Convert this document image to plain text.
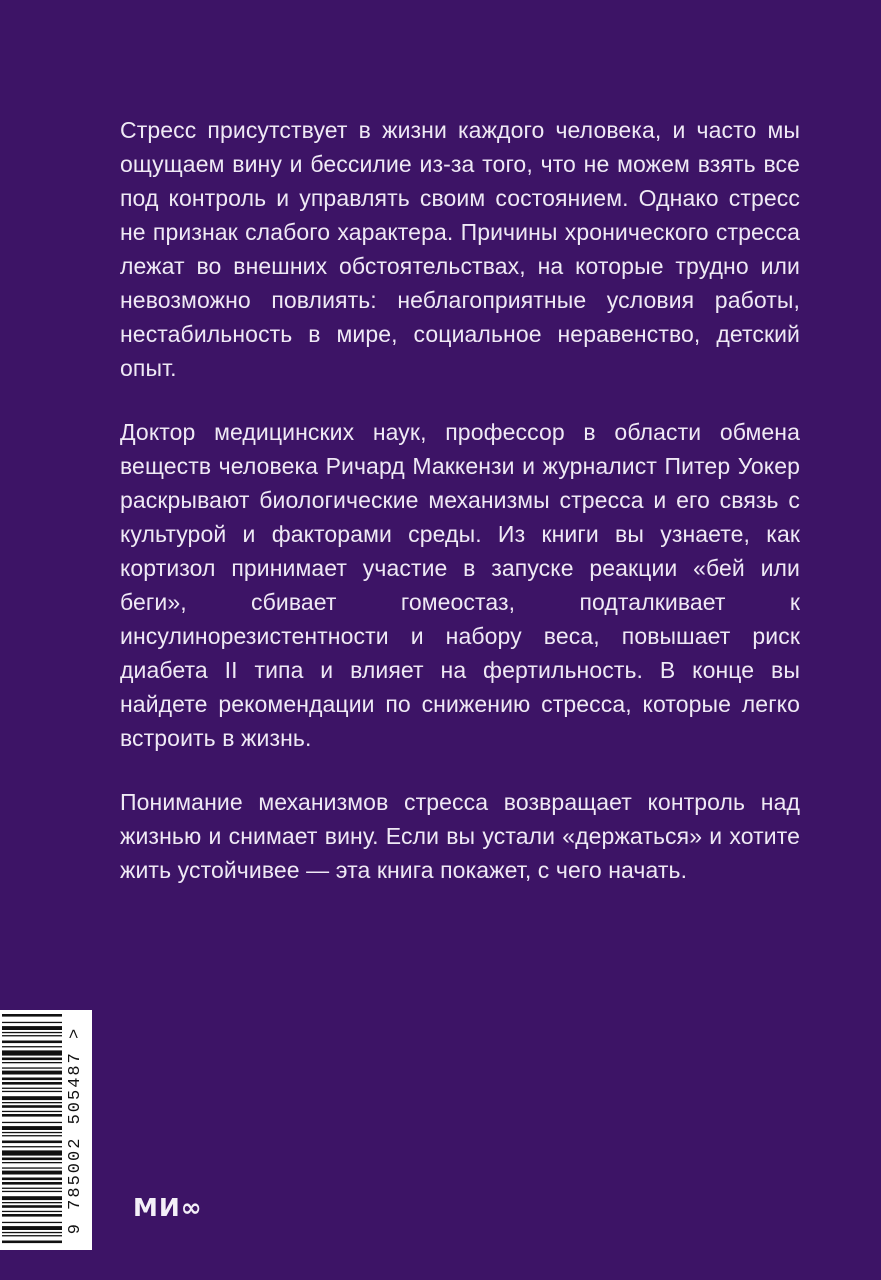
Стресс присутствует в жизни каждого человека, и часто мы ощущаем вину и бессилие из-за того, что не можем взять все под контроль и управлять своим состоянием. Однако стресс не признак слабого характера. Причины хронического стресса лежат во внешних обстоятельствах, на которые трудно или невозможно повлиять: неблагоприятные условия работы, нестабильность в мире, социальное неравенство, детский опыт.

Доктор медицинских наук, профессор в области обмена веществ человека Ричард Маккензи и журналист Питер Уокер раскрывают биологические механизмы стресса и его связь с культурой и факторами среды. Из книги вы узнаете, как кортизол принимает участие в запуске реакции «бей или беги», сбивает гомеостаз, подталкивает к инсулинорезистентности и набору веса, повышает риск диабета II типа и влияет на фертильность. В конце вы найдете рекомендации по снижению стресса, которые легко встроить в жизнь.

Понимание механизмов стресса возвращает контроль над жизнью и снимает вину. Если вы устали «держаться» и хотите жить устойчивее — эта книга покажет, с чего начать.

9 785002 505487 > МИ∞
